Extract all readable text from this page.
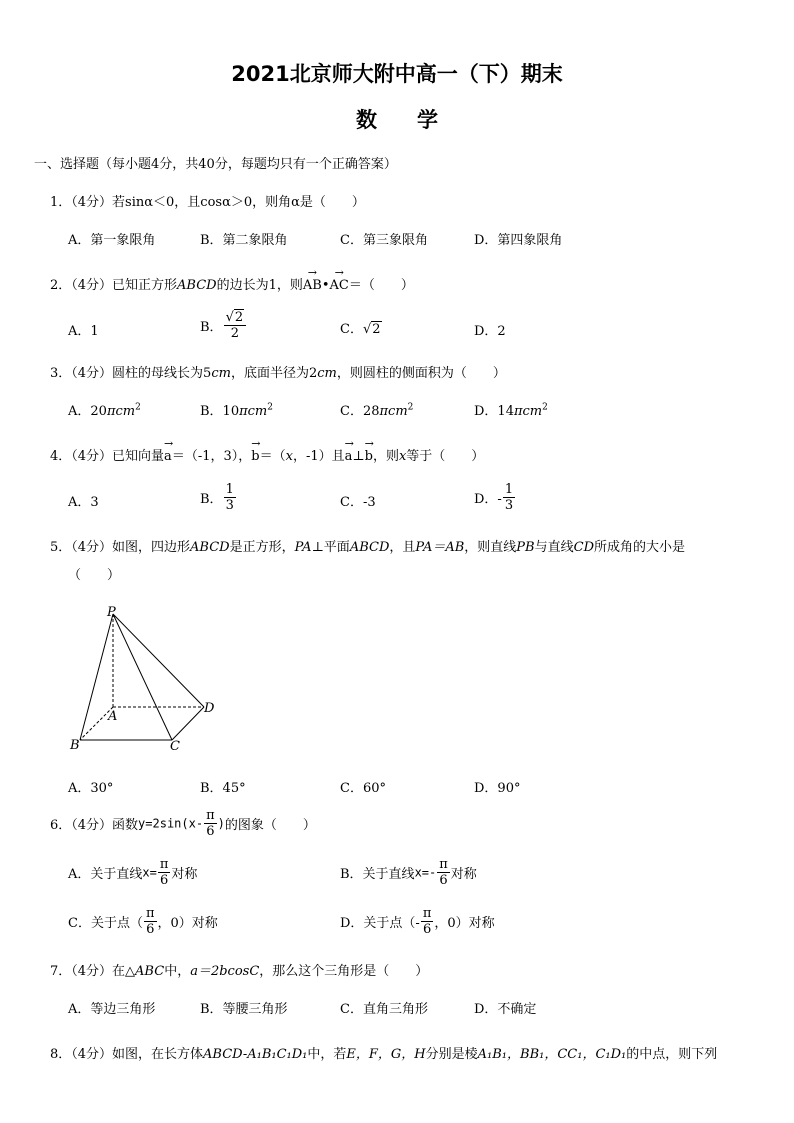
2021北京师大附中高一（下）期末
数学
一、选择题（每小题4分，共40分，每题均只有一个正确答案）
1．（4分）若sinα＜0，且cosα＞0，则角α是（　　）
A．第一象限角	B．第二象限角	C．第三象限角	D．第四象限角
2．（4分）已知正方形ABCD的边长为1，则→ AB•→ AC＝（　　）
A．1	B． $\frac{√2}{2}$	C．√2	D．2
3．（4分）圆柱的母线长为5cm，底面半径为2cm，则圆柱的侧面积为（　　）
A．20πcm$^2$	B．10πcm$^2$	C．28πcm$^2$	D．14πcm$^2$
4．（4分）已知向量→ a＝（-1，3），→ b＝（x，-1）且→ a⊥→ b，则x等于（　　）
A．3	B． $\frac{1}{3}$	C．-3	D．- $\frac{1}{3}$
5．（4分）如图，四边形ABCD是正方形，PA⊥平面ABCD，且PA＝AB，则直线PB与直线CD所成角的大小是
（　　）
P
A
B	C
D
A．30°	B．45°	C．60°	D．90°
6．（4分）函数$y=2\sin(x- \frac{\pi}{6}$ )的图象（　　）
A．关于直线$x= \frac{\pi}{6}$ 对称	B．关于直线$x=- \frac{\pi}{6}$ 对称
C．关于点（ $\frac{\pi}{6}$ ，0）对称	D．关于点（- $\frac{\pi}{6}$ ，0）对称
7．（4分）在△ABC中，a＝2bcosC，那么这个三角形是（　　）
A．等边三角形	B．等腰三角形	C．直角三角形	D．不确定
8．（4分）如图，在长方体ABCD-A₁B₁C₁D₁中，若E，F，G，H分别是棱A₁B₁，BB₁，CC₁，C₁D₁的中点，则下列
